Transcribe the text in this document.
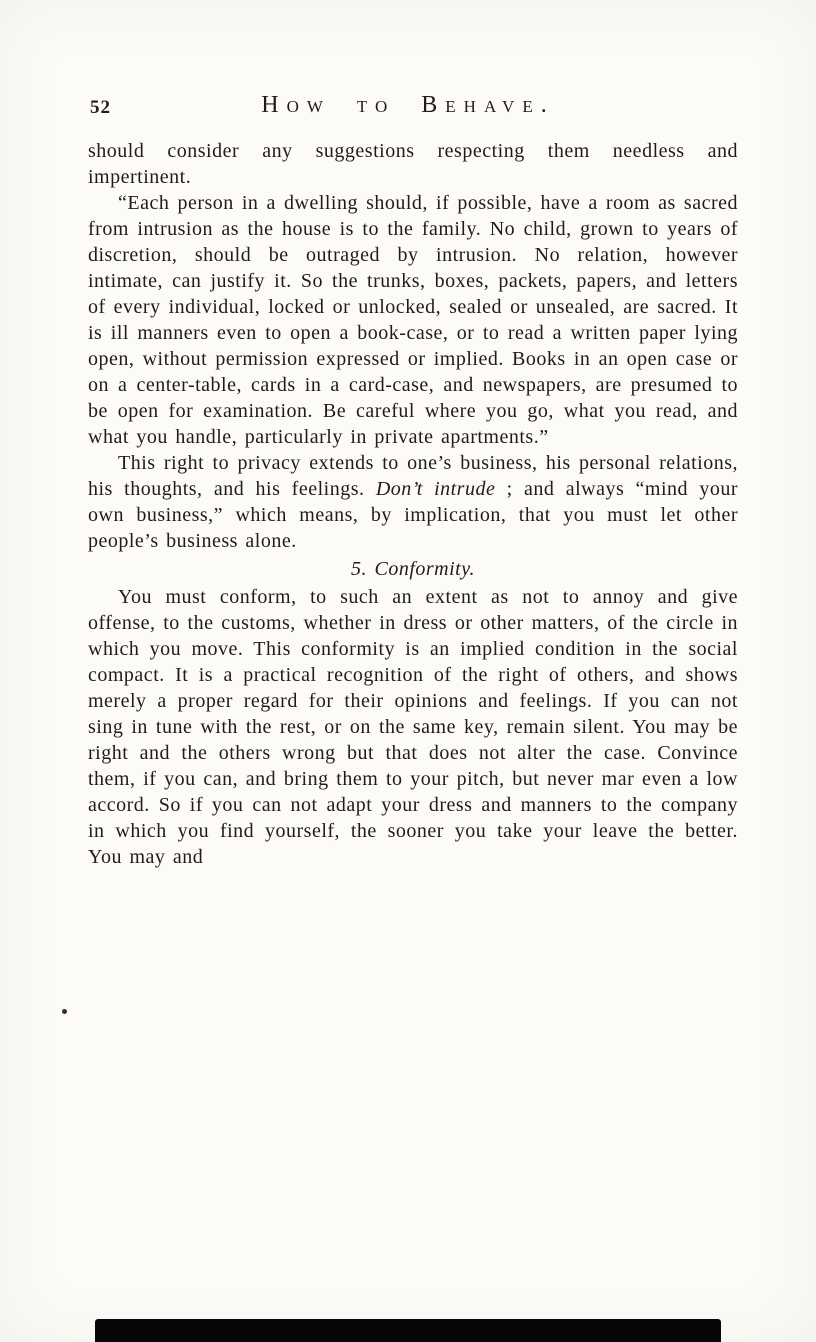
52	How to Behave.

should consider any suggestions respecting them needless and impertinent.

“Each person in a dwelling should, if possible, have a room as sacred from intrusion as the house is to the family. No child, grown to years of discretion, should be outraged by intrusion. No relation, however intimate, can justify it. So the trunks, boxes, packets, papers, and letters of every individual, locked or unlocked, sealed or unsealed, are sacred. It is ill manners even to open a book-case, or to read a written paper lying open, without permission expressed or implied. Books in an open case or on a center-table, cards in a card-case, and newspapers, are presumed to be open for examination. Be careful where you go, what you read, and what you handle, particularly in private apartments.”

This right to privacy extends to one’s business, his personal relations, his thoughts, and his feelings. Don’t intrude ; and always “mind your own business,” which means, by implication, that you must let other people’s business alone.

5. Conformity.

You must conform, to such an extent as not to annoy and give offense, to the customs, whether in dress or other matters, of the circle in which you move. This conformity is an implied condition in the social compact. It is a practical recognition of the right of others, and shows merely a proper regard for their opinions and feelings. If you can not sing in tune with the rest, or on the same key, remain silent. You may be right and the others wrong but that does not alter the case. Convince them, if you can, and bring them to your pitch, but never mar even a low accord. So if you can not adapt your dress and manners to the company in which you find yourself, the sooner you take your leave the better. You may and
